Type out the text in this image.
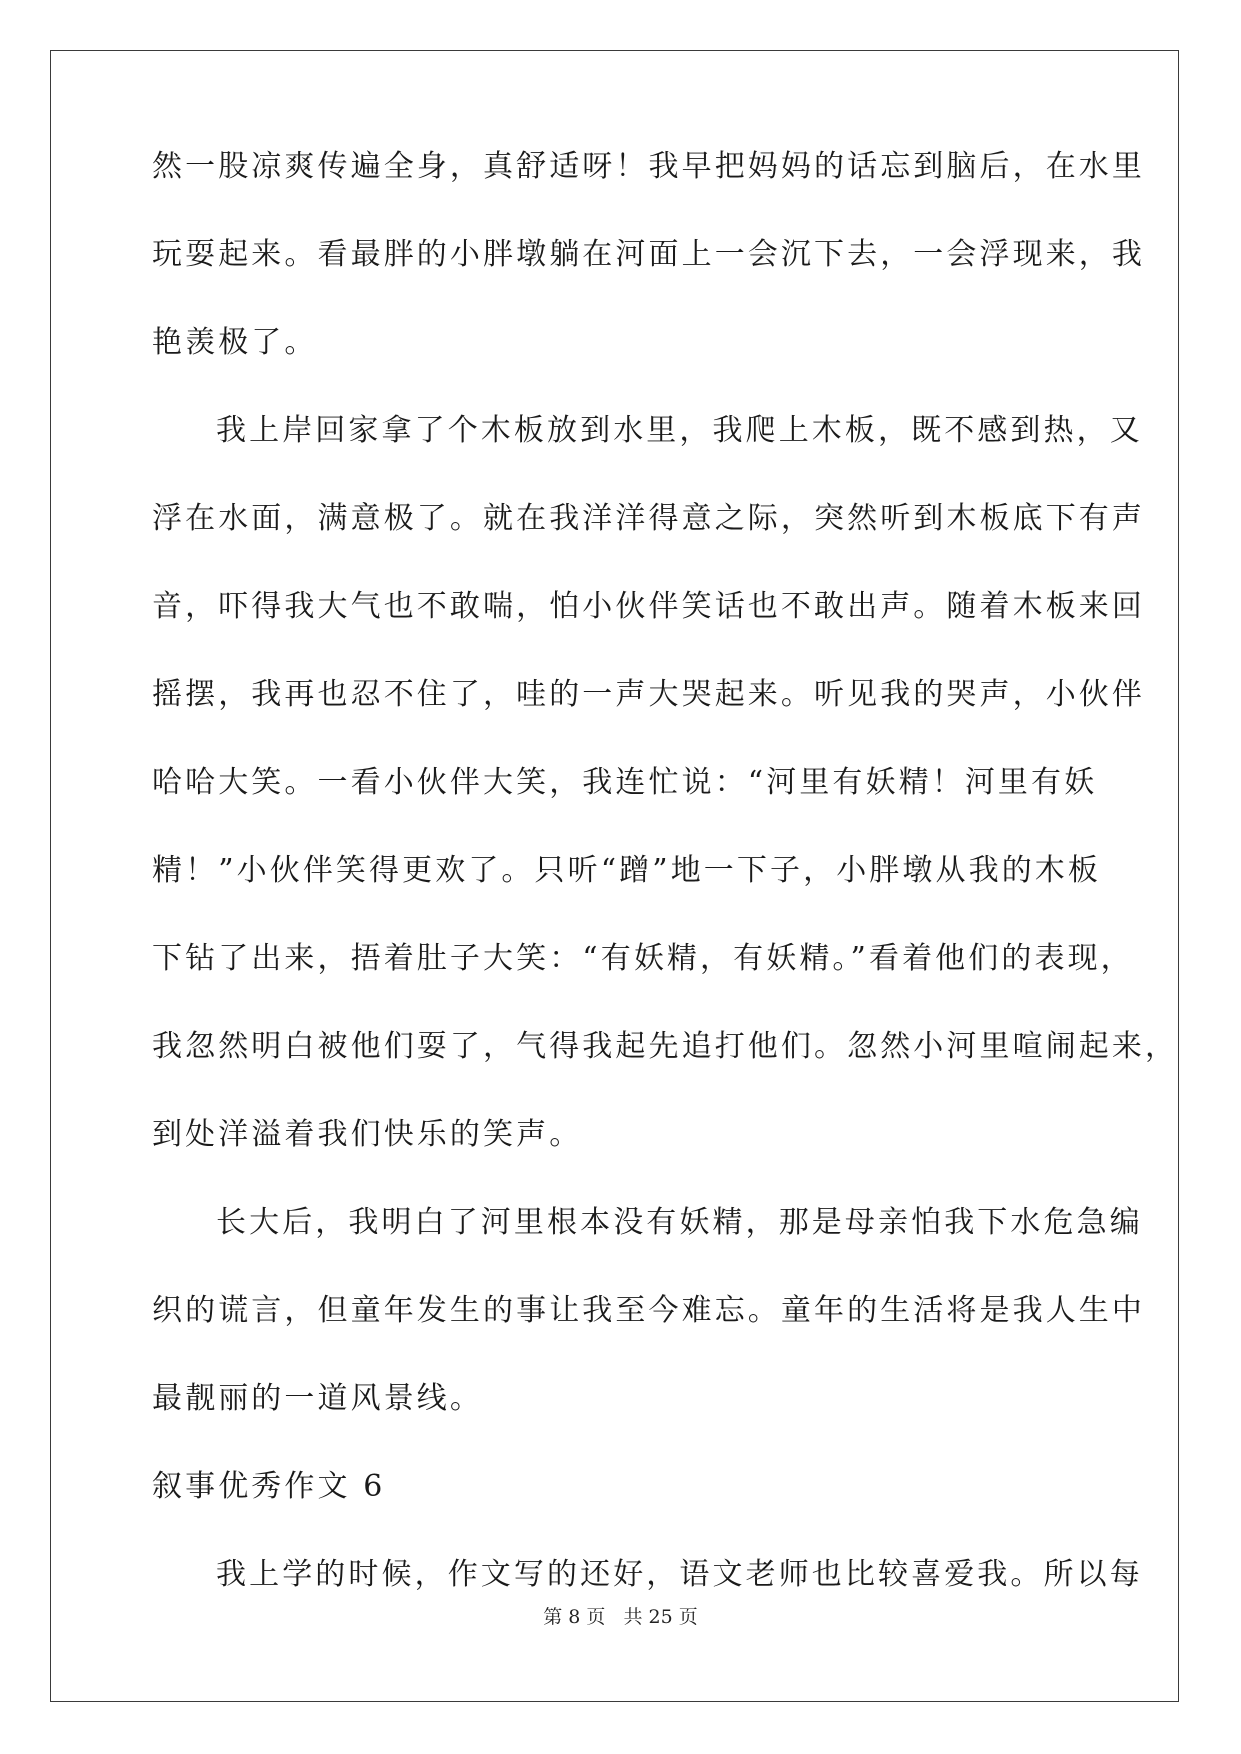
然一股凉爽传遍全身，真舒适呀！我早把妈妈的话忘到脑后，在水里
玩耍起来。看最胖的小胖墩躺在河面上一会沉下去，一会浮现来，我
艳羡极了。
我上岸回家拿了个木板放到水里，我爬上木板，既不感到热，又
浮在水面，满意极了。就在我洋洋得意之际，突然听到木板底下有声
音，吓得我大气也不敢喘，怕小伙伴笑话也不敢出声。随着木板来回
摇摆，我再也忍不住了，哇的一声大哭起来。听见我的哭声，小伙伴
哈哈大笑。一看小伙伴大笑，我连忙说：“河里有妖精！河里有妖
精！”小伙伴笑得更欢了。只听“蹭”地一下子，小胖墩从我的木板
下钻了出来，捂着肚子大笑：“有妖精，有妖精。”看着他们的表现，
我忽然明白被他们耍了，气得我起先追打他们。忽然小河里喧闹起来，
到处洋溢着我们快乐的笑声。
长大后，我明白了河里根本没有妖精，那是母亲怕我下水危急编
织的谎言，但童年发生的事让我至今难忘。童年的生活将是我人生中
最靓丽的一道风景线。
叙事优秀作文 6
我上学的时候，作文写的还好，语文老师也比较喜爱我。所以每
第 8 页 共 25 页
